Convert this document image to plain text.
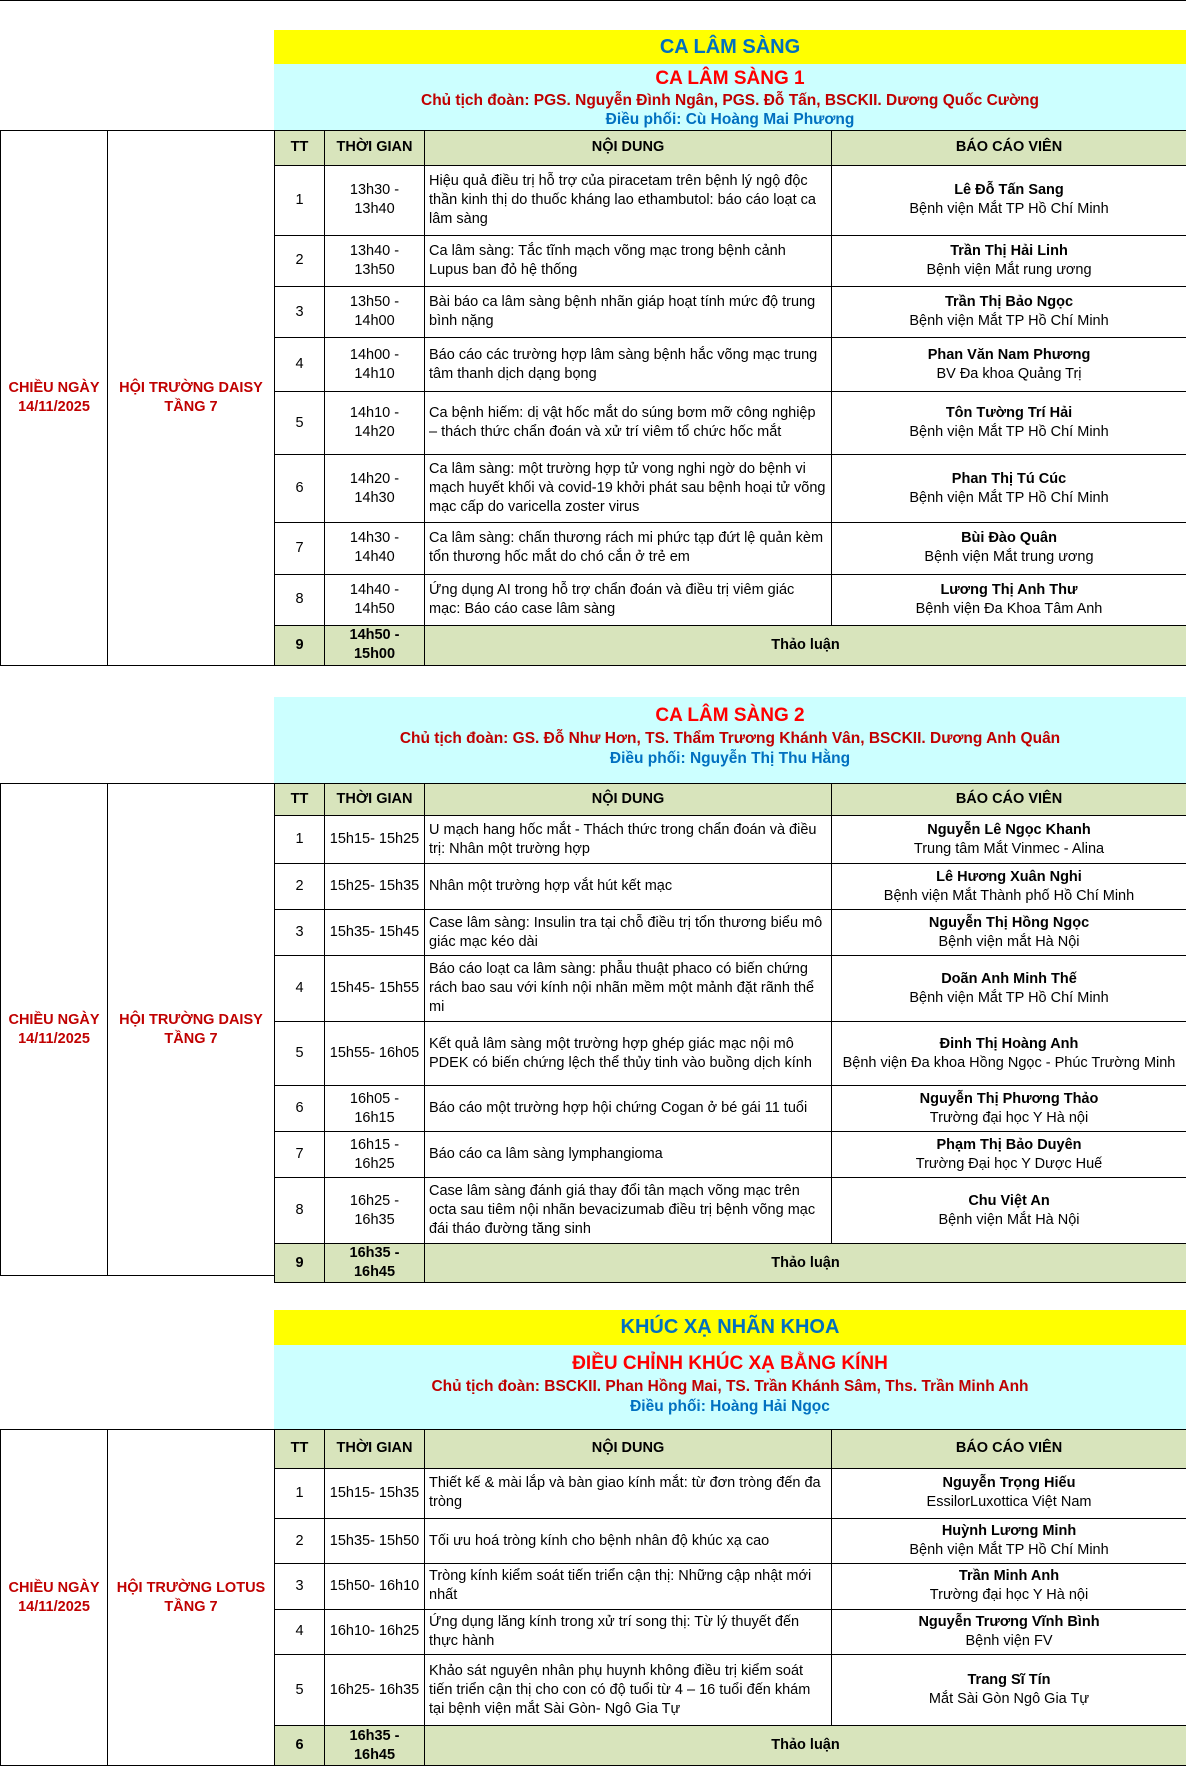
CA LÂM SÀNG
CA LÂM SÀNG 1
Chủ tịch đoàn: PGS. Nguyễn Đình Ngân, PGS. Đỗ Tấn, BSCKII. Dương Quốc Cường
Điều phối: Cù Hoàng Mai Phương
CHIỀU NGÀY 14/11/2025
HỘI TRƯỜNG DAISY TẦNG 7
TT	THỜI GIAN	NỘI DUNG	BÁO CÁO VIÊN
1	13h30 - 13h40	Hiệu quả điều trị hỗ trợ của piracetam trên bệnh lý ngộ độc thần kinh thị do thuốc kháng lao ethambutol: báo cáo loạt ca lâm sàng	Lê Đỗ Tấn Sang
Bệnh viện Mắt TP Hồ Chí Minh

2	13h40 - 13h50	Ca lâm sàng: Tắc tĩnh mạch võng mạc trong bệnh cảnh Lupus ban đỏ hệ thống	Trần Thị Hải Linh
Bệnh viện Mắt rung ương

3	13h50 - 14h00	Bài báo ca lâm sàng bệnh nhãn giáp hoạt tính mức độ trung bình nặng	Trần Thị Bảo Ngọc
Bệnh viện Mắt TP Hồ Chí Minh

4	14h00 - 14h10	Báo cáo các trường hợp lâm sàng bệnh hắc võng mạc trung tâm thanh dịch dạng bọng	Phan Văn Nam Phương
BV Đa khoa Quảng Trị

5	14h10 - 14h20	Ca bệnh hiếm: dị vật hốc mắt do súng bơm mỡ công nghiệp – thách thức chẩn đoán và xử trí viêm tổ chức hốc mắt	Tôn Tường Trí Hải
Bệnh viện Mắt TP Hồ Chí Minh

6	14h20 - 14h30	Ca lâm sàng: một trường hợp tử vong nghi ngờ do bệnh vi mạch huyết khối và covid-19 khởi phát sau bệnh hoại tử võng mạc cấp do varicella zoster virus	Phan Thị Tú Cúc
Bệnh viện Mắt TP Hồ Chí Minh

7	14h30 - 14h40	Ca lâm sàng: chấn thương rách mi phức tạp đứt lệ quản kèm tổn thương hốc mắt do chó cắn ở trẻ em	Bùi Đào Quân
Bệnh viện Mắt trung ương

8	14h40 - 14h50	Ứng dụng AI trong hỗ trợ chẩn đoán và điều trị viêm giác mạc: Báo cáo case lâm sàng	Lương Thị Anh Thư
Bệnh viện Đa Khoa Tâm Anh

9	14h50 - 15h00	Thảo luận	
CA LÂM SÀNG 2
Chủ tịch đoàn: GS. Đỗ Như Hơn, TS. Thẩm Trương Khánh Vân, BSCKII. Dương Anh Quân
Điều phối: Nguyễn Thị Thu Hằng
CHIỀU NGÀY 14/11/2025
HỘI TRƯỜNG DAISY TẦNG 7
TT	THỜI GIAN	NỘI DUNG	BÁO CÁO VIÊN
1	15h15- 15h25	U mạch hang hốc mắt - Thách thức trong chẩn đoán và điều trị: Nhân một trường hợp	Nguyễn Lê Ngọc Khanh
Trung tâm Mắt Vinmec - Alina

2	15h25- 15h35	Nhân một trường hợp vắt hút kết mạc	Lê Hương Xuân Nghi
Bệnh viện Mắt Thành phố Hồ Chí Minh

3	15h35- 15h45	Case lâm sàng: Insulin tra tại chỗ điều trị tổn thương biểu mô giác mạc kéo dài	Nguyễn Thị Hồng Ngọc
Bệnh viện mắt Hà Nội

4	15h45- 15h55	Báo cáo loạt ca lâm sàng: phẫu thuật phaco có biến chứng rách bao sau với kính nội nhãn mềm một mảnh đặt rãnh thể mi	Doãn Anh Minh Thế
Bệnh viện Mắt TP Hồ Chí Minh

5	15h55- 16h05	Kết quả lâm sàng một trường hợp ghép giác mạc nội mô PDEK có biến chứng lệch thể thủy tinh vào buồng dịch kính	Đinh Thị Hoàng Anh
Bệnh viện Đa khoa Hồng Ngọc - Phúc Trường Minh

6	16h05 - 16h15	Báo cáo một trường hợp hội chứng Cogan ở bé gái 11 tuổi	Nguyễn Thị Phương Thảo
Trường đại học Y Hà nội

7	16h15 - 16h25	Báo cáo ca lâm sàng lymphangioma	Phạm Thị Bảo Duyên
Trường Đại học Y Dược Huế

8	16h25 - 16h35	Case lâm sàng đánh giá thay đổi tân mạch võng mạc trên octa sau tiêm nội nhãn bevacizumab điều trị bệnh võng mạc đái tháo đường tăng sinh	Chu Việt An
Bệnh viện Mắt Hà Nội

9	16h35 - 16h45	Thảo luận	
KHÚC XẠ NHÃN KHOA
ĐIỀU CHỈNH KHÚC XẠ BẰNG KÍNH
Chủ tịch đoàn: BSCKII. Phan Hồng Mai, TS. Trần Khánh Sâm, Ths. Trần Minh Anh
Điều phối: Hoàng Hải Ngọc
CHIỀU NGÀY 14/11/2025
HỘI TRƯỜNG LOTUS TẦNG 7
TT	THỜI GIAN	NỘI DUNG	BÁO CÁO VIÊN
1	15h15- 15h35	Thiết kế & mài lắp và bàn giao kính mắt: từ đơn tròng đến đa tròng	Nguyễn Trọng Hiếu
EssilorLuxottica Việt Nam

2	15h35- 15h50	Tối ưu hoá tròng kính cho bệnh nhân độ khúc xạ cao	Huỳnh Lương Minh
Bệnh viện Mắt TP Hồ Chí Minh

3	15h50- 16h10	Tròng kính kiểm soát tiến triển cận thị: Những cập nhật mới nhất	Trần Minh Anh
Trường đại học Y Hà nội

4	16h10- 16h25	Ứng dụng lăng kính trong xử trí song thị: Từ lý thuyết đến thực hành	Nguyễn Trương Vĩnh Bình
Bệnh viện FV

5	16h25- 16h35	Khảo sát nguyên nhân phụ huynh không điều trị kiểm soát tiến triển cận thị cho con có độ tuổi từ 4 – 16 tuổi đến khám tại bệnh viện mắt Sài Gòn- Ngô Gia Tự	Trang Sĩ Tín
Mắt Sài Gòn Ngô Gia Tự

6	16h35 - 16h45	Thảo luận	
